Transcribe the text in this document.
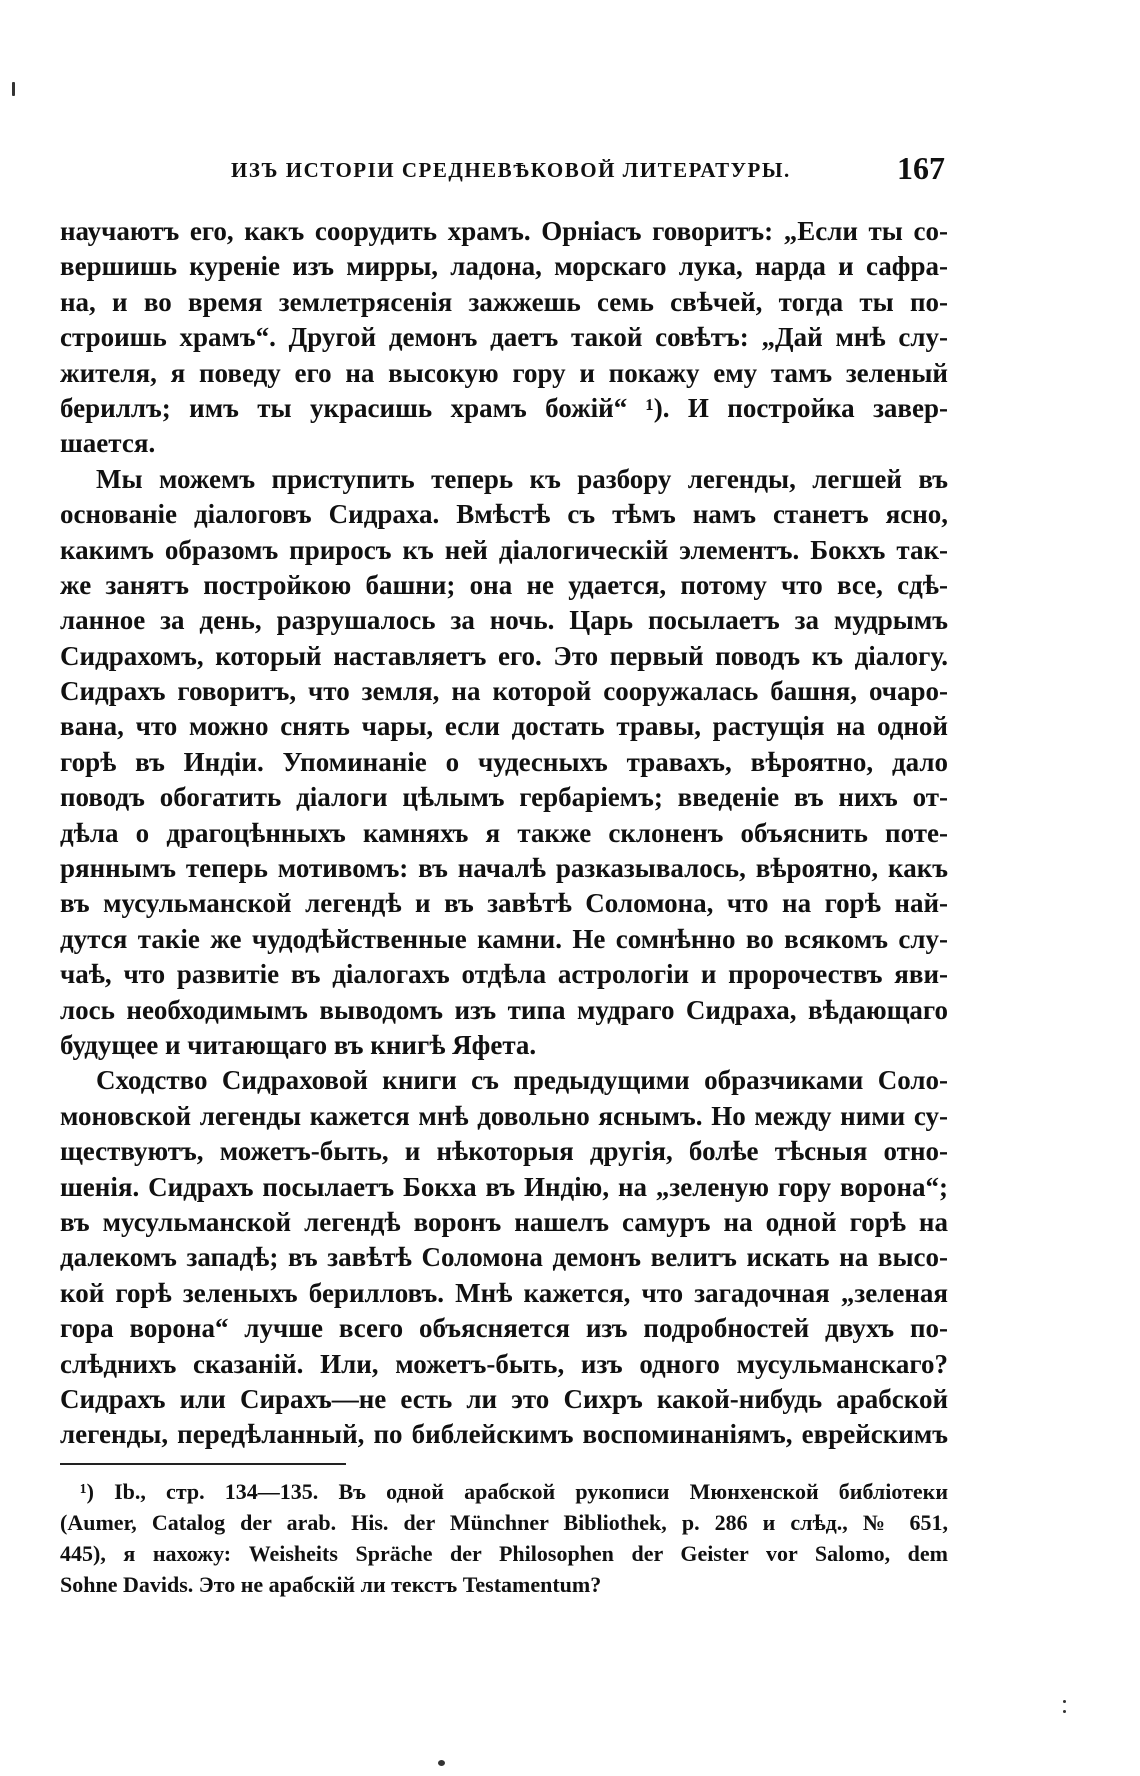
ИЗЪ ИСТОРІИ СРЕДНЕВѢКОВОЙ ЛИТЕРАТУРЫ.	167
научаютъ его, какъ соорудить храмъ. Орніасъ говоритъ: „Если ты со-
вершишь куреніе изъ мирры, ладона, морскаго лука, нарда и сафра-
на, и во время землетрясенія зажжешь семь свѣчей, тогда ты по-
строишь храмъ“. Другой демонъ даетъ такой совѣтъ: „Дай мнѣ слу-
жителя, я поведу его на высокую гору и покажу ему тамъ зеленый
бериллъ; имъ ты украсишь храмъ божій“ ¹). И постройка завер-
шается.
Мы можемъ приступить теперь къ разбору легенды, легшей въ
основаніе діалоговъ Сидраха. Вмѣстѣ съ тѣмъ намъ станетъ ясно,
какимъ образомъ приросъ къ ней діалогическій элементъ. Бокхъ так-
же занятъ постройкою башни; она не удается, потому что все, сдѣ-
ланное за день, разрушалось за ночь. Царь посылаетъ за мудрымъ
Сидрахомъ, который наставляетъ его. Это первый поводъ къ діалогу.
Сидрахъ говоритъ, что земля, на которой сооружалась башня, очаро-
вана, что можно снять чары, если достать травы, растущія на одной
горѣ въ Индіи. Упоминаніе о чудесныхъ травахъ, вѣроятно, дало
поводъ обогатить діалоги цѣлымъ гербаріемъ; введеніе въ нихъ от-
дѣла о драгоцѣнныхъ камняхъ я также склоненъ объяснить поте-
ряннымъ теперь мотивомъ: въ началѣ разказывалось, вѣроятно, какъ
въ мусульманской легендѣ и въ завѣтѣ Соломона, что на горѣ най-
дутся такіе же чудодѣйственные камни. Не сомнѣнно во всякомъ слу-
чаѣ, что развитіе въ діалогахъ отдѣла астрологіи и пророчествъ яви-
лось необходимымъ выводомъ изъ типа мудраго Сидраха, вѣдающаго
будущее и читающаго въ книгѣ Яфета.
Сходство Сидраховой книги съ предыдущими образчиками Соло-
моновской легенды кажется мнѣ довольно яснымъ. Но между ними су-
ществуютъ, можетъ-быть, и нѣкоторыя другія, болѣе тѣсныя отно-
шенія. Сидрахъ посылаетъ Бокха въ Индію, на „зеленую гору ворона“;
въ мусульманской легендѣ воронъ нашелъ самуръ на одной горѣ на
далекомъ западѣ; въ завѣтѣ Соломона демонъ велитъ искать на высо-
кой горѣ зеленыхъ берилловъ. Мнѣ кажется, что загадочная „зеленая
гора ворона“ лучше всего объясняется изъ подробностей двухъ по-
слѣднихъ сказаній. Или, можетъ-быть, изъ одного мусульманскаго?
Сидрахъ или Сирахъ—не есть ли это Сихръ какой-нибудь арабской
легенды, передѣланный, по библейскимъ воспоминаніямъ, еврейскимъ
¹) Ib., стр. 134—135. Въ одной арабской рукописи Мюнхенской библіотеки
(Aumer, Catalog der arab. His. der Münchner Bibliothek, p. 286 и слѣд., № 651,
445), я нахожу: Weisheits Spräche der Philosophen der Geister vor Salomo, dem
Sohne Davids. Это не арабскій ли текстъ Testamentum?
